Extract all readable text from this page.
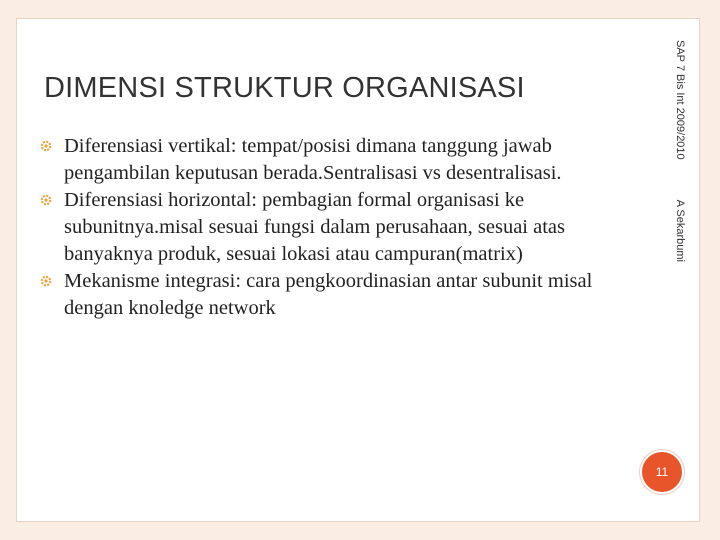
DIMENSI STRUKTUR ORGANISASI
Diferensiasi vertikal: tempat/posisi dimana tanggung jawab pengambilan keputusan berada.Sentralisasi vs desentralisasi.
Diferensiasi horizontal: pembagian formal organisasi ke subunitnya.misal sesuai fungsi dalam perusahaan, sesuai atas banyaknya produk, sesuai lokasi atau campuran(matrix)
Mekanisme integrasi: cara pengkoordinasian antar subunit misal dengan knoledge network
SAP 7 Bis Int 2009/2010
A Sekarbumi
11
